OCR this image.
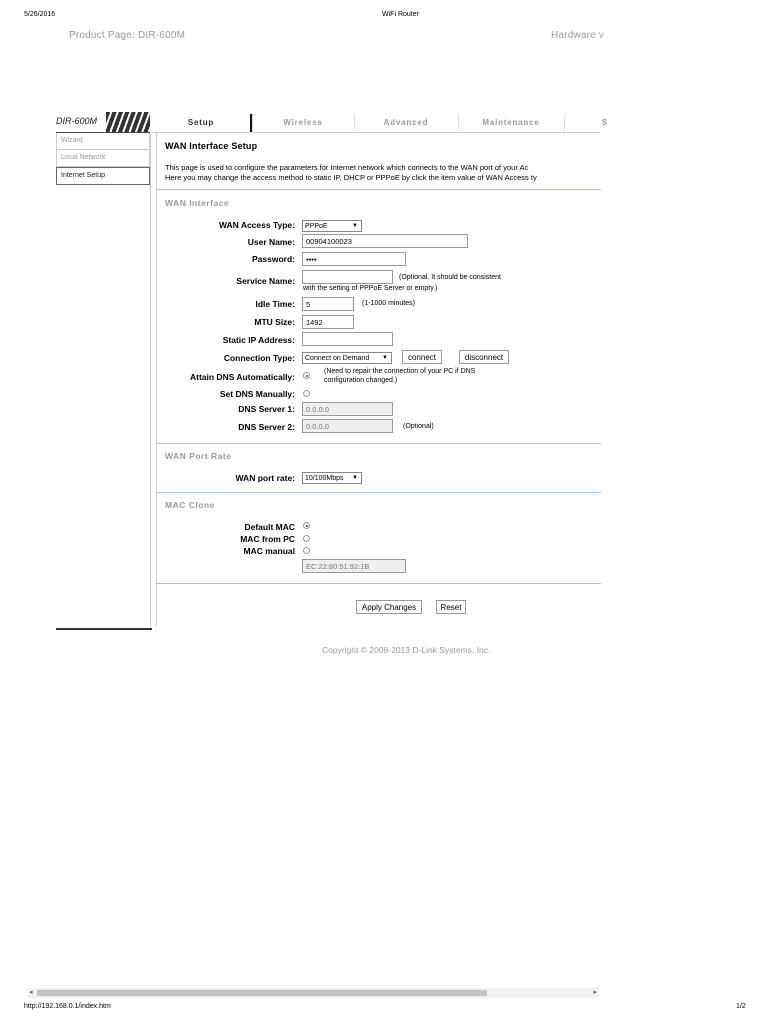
5/26/2016	WiFi Router
Product Page: DIR-600M	Hardware v
DIR-600M	Setup	Wireless	Advanced	Maintenance	S
Wizard
Local Network
Internet Setup
WAN Interface Setup
This page is used to configure the parameters for Internet network which connects to the WAN port of your Ac
Here you may change the access method to static IP, DHCP or PPPoE by click the item value of WAN Access ty
WAN Interface
WAN Access Type:	PPPoE	▼
User Name:	00904100023
Password:	••••
Service Name:	(Optional. It should be consistent
with the setting of PPPoE Server or empty.)
Idle Time:	5	(1-1000 minutes)
MTU Size:	1492
Static IP Address:
Connection Type:	Connect on Demand ▼	connect	disconnect
Attain DNS Automatically:
(Need to repair the connection of your PC if DNS
configuration changed.)
Set DNS Manually:
DNS Server 1:	0.0.0.0
DNS Server 2:	0.0.0.0	(Optional)
WAN Port Rate
WAN port rate:	10/100Mbps ▼
MAC Clone
Default MAC
MAC from PC
MAC manual
EC:22:80:51:92:1B
Apply Changes	Reset
Copyright © 2008-2013 D-Link Systems, Inc.
◂	▸
http://192.168.0.1/index.htm	1/2
